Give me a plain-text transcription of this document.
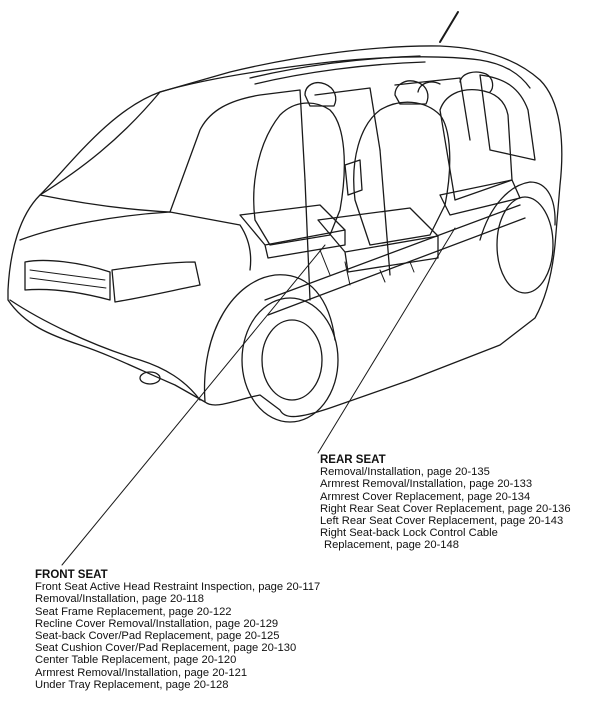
REAR SEAT
Removal/Installation, page 20-135
Armrest Removal/Installation, page 20-133
Armrest Cover Replacement, page 20-134
Right Rear Seat Cover Replacement, page 20-136
Left Rear Seat Cover Replacement, page 20-143
Right Seat-back Lock Control Cable
Replacement, page 20-148
FRONT SEAT
Front Seat Active Head Restraint Inspection, page 20-117
Removal/Installation, page 20-118
Seat Frame Replacement, page 20-122
Recline Cover Removal/Installation, page 20-129
Seat-back Cover/Pad Replacement, page 20-125
Seat Cushion Cover/Pad Replacement, page 20-130
Center Table Replacement, page 20-120
Armrest Removal/Installation, page 20-121
Under Tray Replacement, page 20-128
